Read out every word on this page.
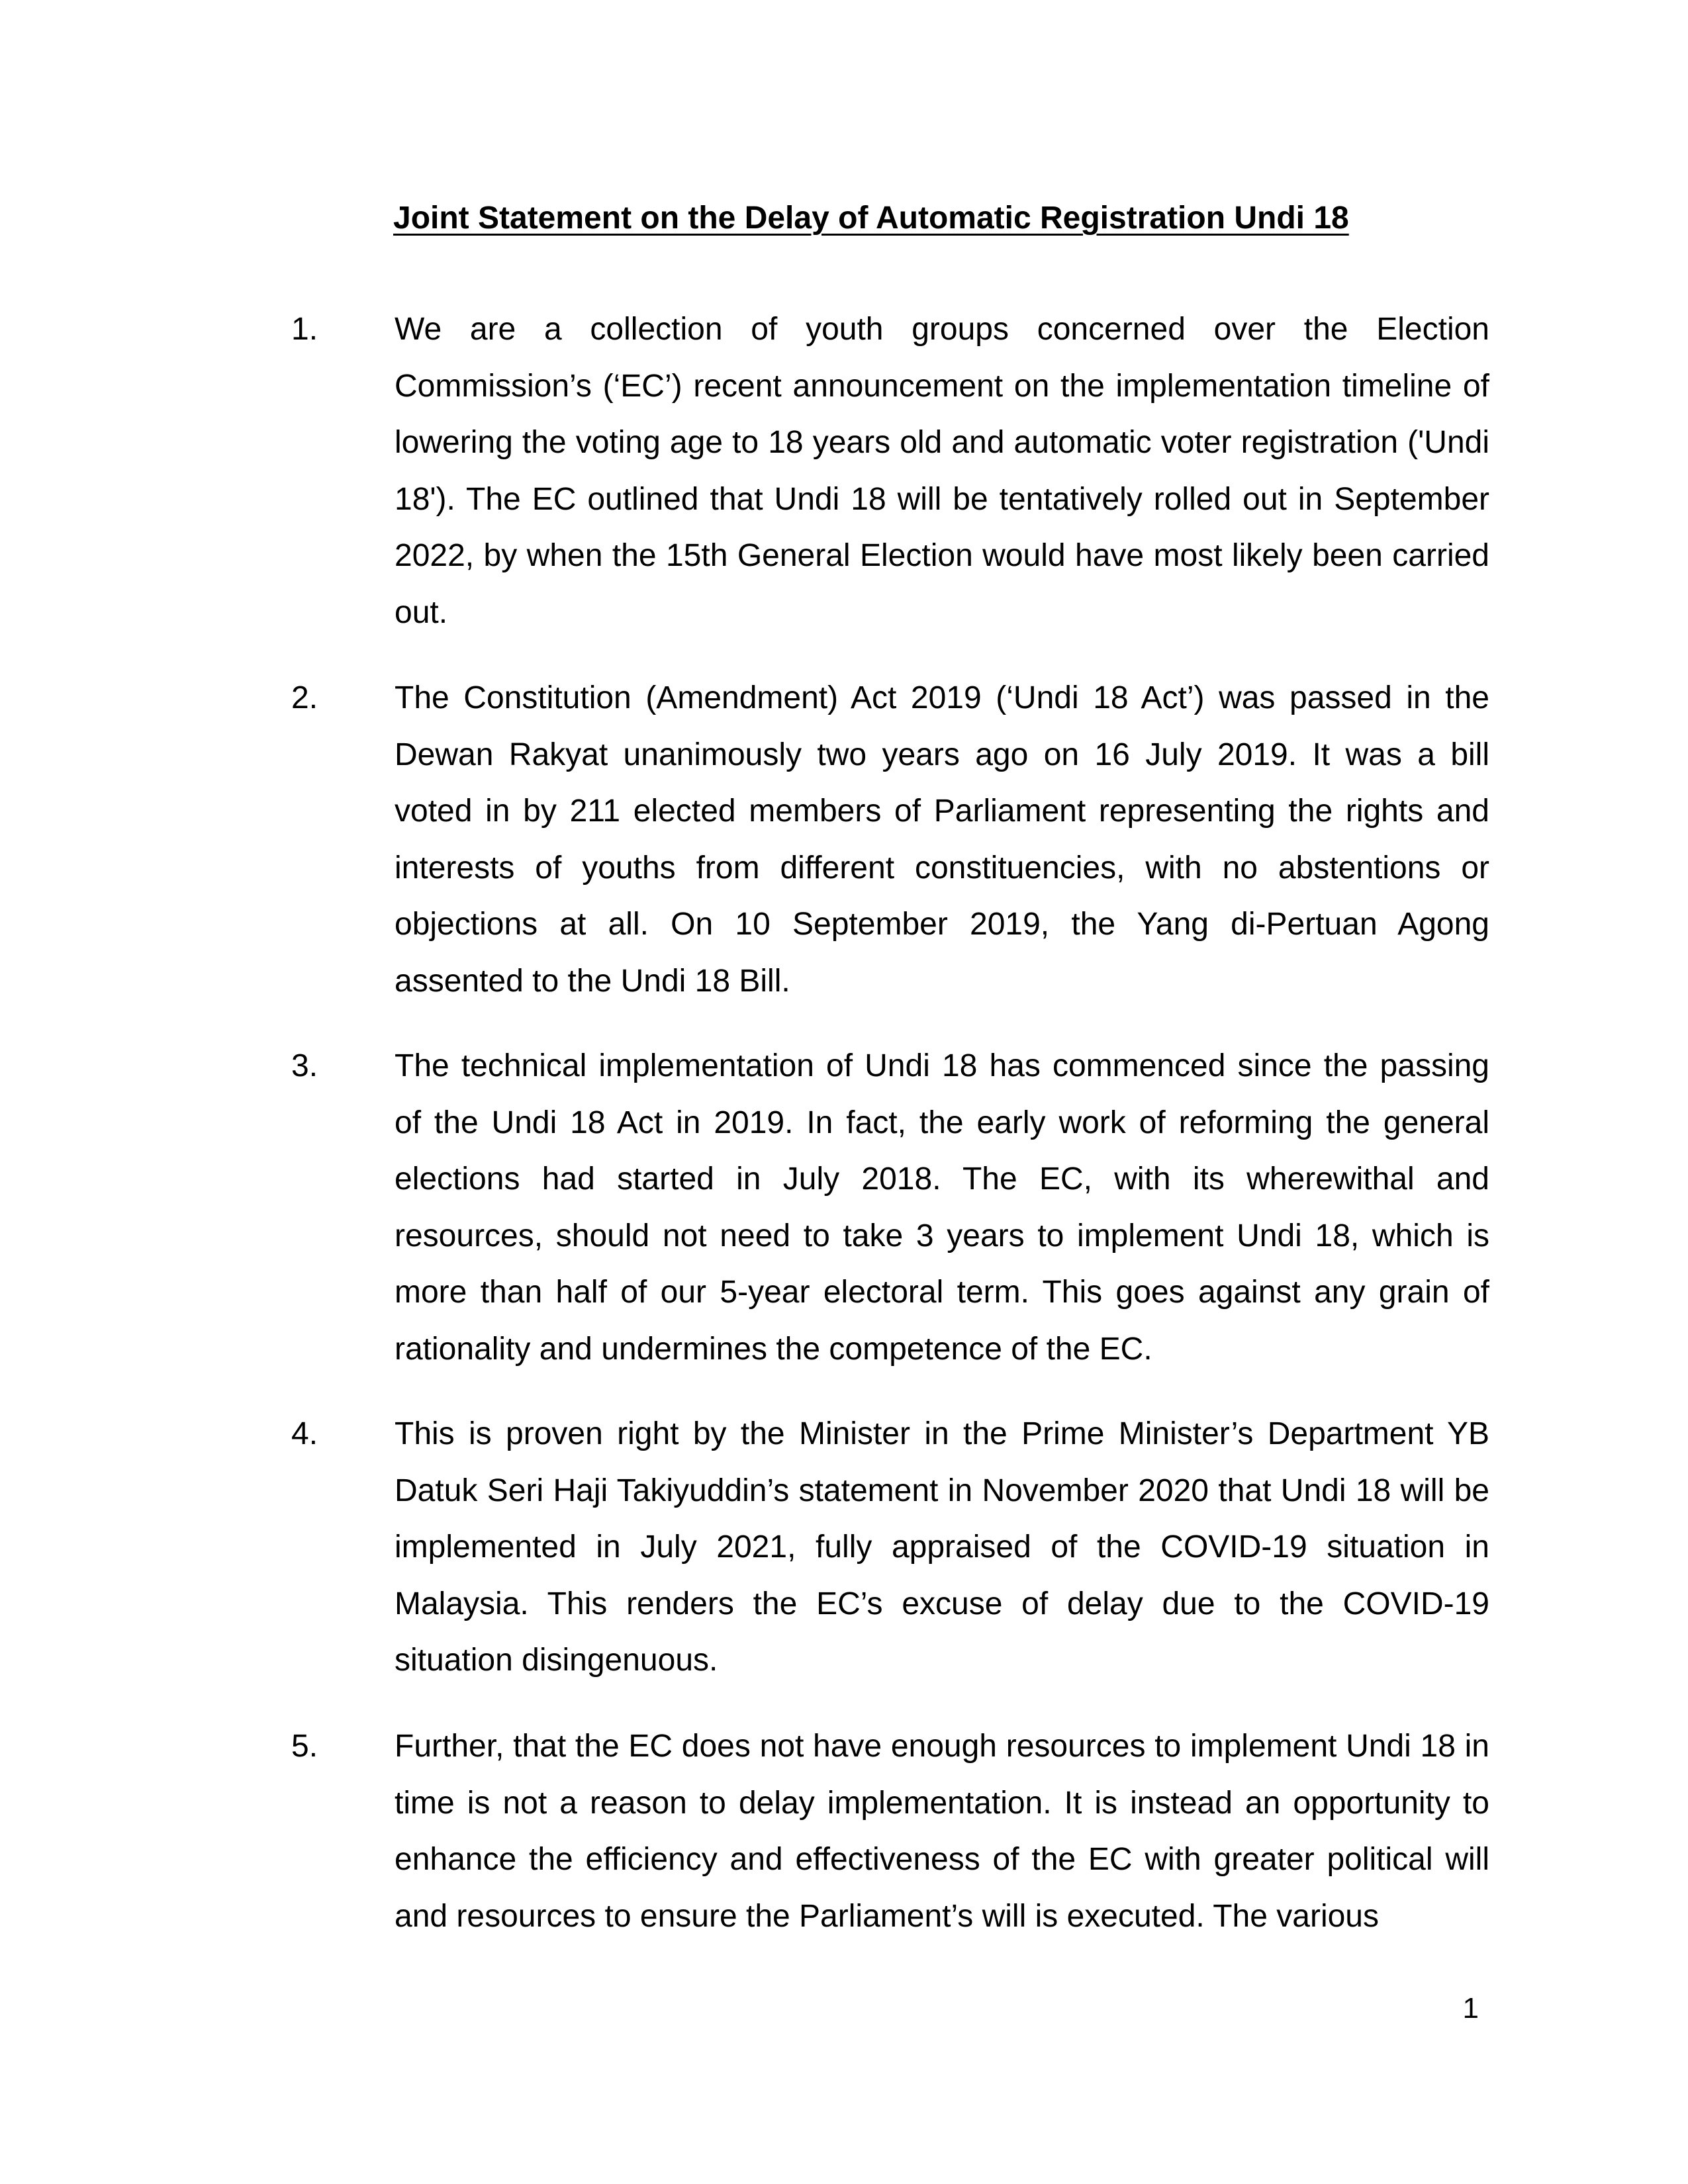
Joint Statement on the Delay of Automatic Registration Undi 18
1.	We are a collection of youth groups concerned over the Election Commission’s (‘EC’) recent announcement on the implementation timeline of lowering the voting age to 18 years old and automatic voter registration ('Undi 18'). The EC outlined that Undi 18 will be tentatively rolled out in September 2022, by when the 15th General Election would have most likely been carried out.

2.	The Constitution (Amendment) Act 2019 (‘Undi 18 Act’) was passed in the Dewan Rakyat unanimously two years ago on 16 July 2019. It was a bill voted in by 211 elected members of Parliament representing the rights and interests of youths from different constituencies, with no abstentions or objections at all. On 10 September 2019, the Yang di-Pertuan Agong assented to the Undi 18 Bill.

3.	The technical implementation of Undi 18 has commenced since the passing of the Undi 18 Act in 2019. In fact, the early work of reforming the general elections had started in July 2018. The EC, with its wherewithal and resources, should not need to take 3 years to implement Undi 18, which is more than half of our 5-year electoral term. This goes against any grain of rationality and undermines the competence of the EC.

4.	This is proven right by the Minister in the Prime Minister’s Department YB Datuk Seri Haji Takiyuddin’s statement in November 2020 that Undi 18 will be implemented in July 2021, fully appraised of the COVID-19 situation in Malaysia. This renders the EC’s excuse of delay due to the COVID-19 situation disingenuous.

5.	Further, that the EC does not have enough resources to implement Undi 18 in time is not a reason to delay implementation. It is instead an opportunity to enhance the efficiency and effectiveness of the EC with greater political will and resources to ensure the Parliament’s will is executed. The various

1
